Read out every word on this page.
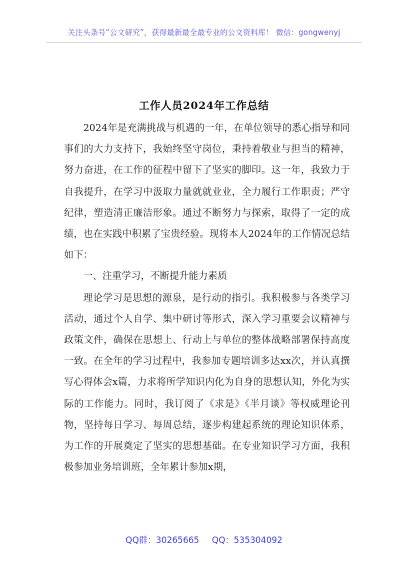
关注头条号“公文研究”，获得最新最全最专业的公文资料库！ 微信：gongwenyj
工作人员2024年工作总结

2024年是充满挑战与机遇的一年，在单位领导的悉心指导和同事们的大力支持下，我始终坚守岗位，秉持着敬业与担当的精神，努力奋进，在工作的征程中留下了坚实的脚印。这一年，我致力于自我提升，在学习中汲取力量就就业业，全力履行工作职责；严守纪律，塑造清正廉洁形象。通过不断努力与探索，取得了一定的成绩，也在实践中积累了宝贵经验。现将本人2024年的工作情况总结如下：

一、注重学习，不断提升能力素质

理论学习是思想的源泉，是行动的指引。我积极参与各类学习活动，通过个人自学、集中研讨等形式，深入学习重要会议精神与政策文件，确保在思想上、行动上与单位的整体战略部署保持高度一致。在全年的学习过程中，我参加专题培训多达xx次，并认真撰写心得体会x篇，力求将所学知识内化为自身的思想认知，外化为实际的工作能力。同时，我订阅了《求是》《半月谈》等权威理论刊物，坚持每日学习、每周总结，逐步构建起系统的理论知识体系，为工作的开展奠定了坚实的思想基础。在专业知识学习方面，我积极参加业务培训班，全年累计参加x期，

QQ群：30265665 QQ：535304092
